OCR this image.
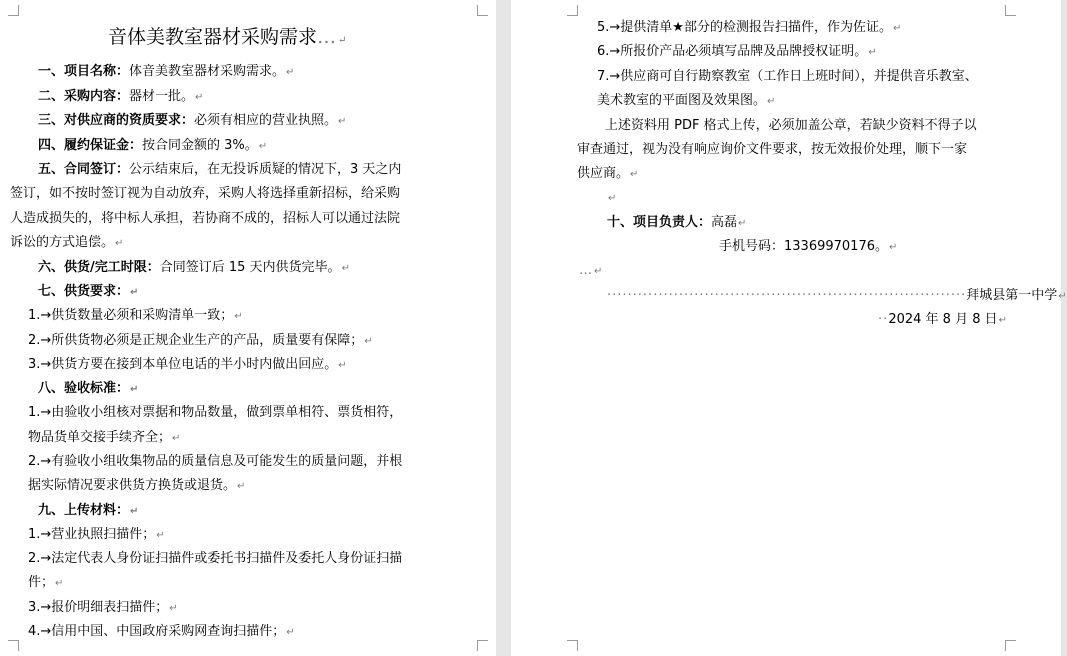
音体美教室器材采购需求…↵
一、项目名称：体音美教室器材采购需求。↵
二、采购内容：器材一批。↵
三、对供应商的资质要求：必须有相应的营业执照。↵
四、履约保证金：按合同金额的 3%。↵
五、合同签订：公示结束后，在无投诉质疑的情况下，3 天之内
签订，如不按时签订视为自动放弃，采购人将选择重新招标，给采购
人造成损失的，将中标人承担，若协商不成的，招标人可以通过法院
诉讼的方式追偿。↵
六、供货/完工时限：合同签订后 15 天内供货完毕。↵
七、供货要求：↵
1.→供货数量必须和采购清单一致；↵
2.→所供货物必须是正规企业生产的产品，质量要有保障；↵
3.→供货方要在接到本单位电话的半小时内做出回应。↵
八、验收标准：↵
1.→由验收小组核对票据和物品数量，做到票单相符、票货相符，
物品货单交接手续齐全；↵
2.→有验收小组收集物品的质量信息及可能发生的质量问题，并根
据实际情况要求供货方换货或退货。↵
九、上传材料：↵
1.→营业执照扫描件；↵
2.→法定代表人身份证扫描件或委托书扫描件及委托人身份证扫描
件；↵
3.→报价明细表扫描件；↵
4.→信用中国、中国政府采购网查询扫描件；↵
5.→提供清单★部分的检测报告扫描件，作为佐证。↵
6.→所报价产品必须填写品牌及品牌授权证明。↵
7.→供应商可自行勘察教室（工作日上班时间），并提供音乐教室、
美术教室的平面图及效果图。↵
上述资料用 PDF 格式上传，必须加盖公章，若缺少资料不得子以
审查通过，视为没有响应询价文件要求，按无效报价处理，顺下一家
供应商。↵
↵
十、项目负责人：高磊↵
手机号码：13369970176。↵
…↵
······································································拜城县第一中学↵
··2024 年 8 月 8 日↵
